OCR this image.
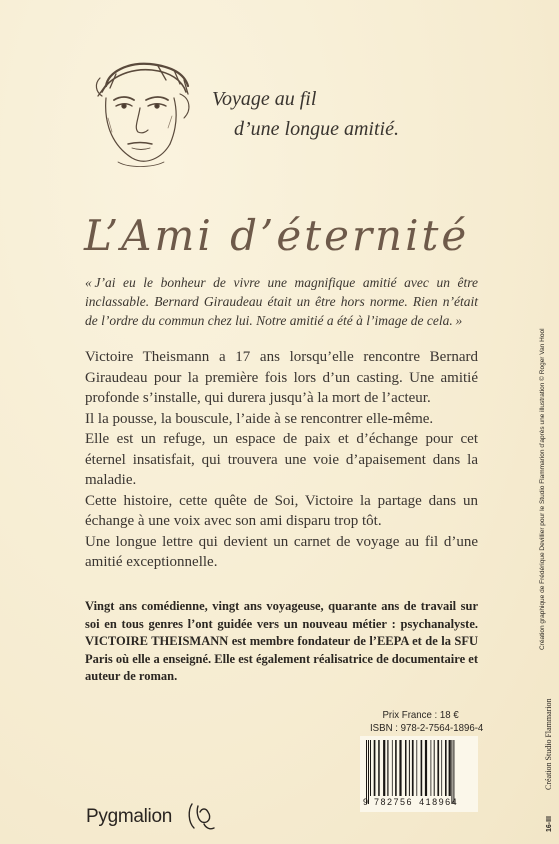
Voyage au fil
d’une longue amitié.
L’Ami d’éternité
« J’ai eu le bonheur de vivre une magnifique amitié avec un être inclassable. Bernard Giraudeau était un être hors norme. Rien n’était de l’ordre du commun chez lui. Notre amitié a été à l’image de cela. »

Victoire Theismann a 17 ans lorsqu’elle rencontre Bernard Giraudeau pour la première fois lors d’un casting. Une amitié profonde s’installe, qui durera jusqu’à la mort de l’acteur.

Il la pousse, la bouscule, l’aide à se rencontrer elle-même.

Elle est un refuge, un espace de paix et d’échange pour cet éternel insatisfait, qui trouvera une voie d’apaisement dans la maladie.

Cette histoire, cette quête de Soi, Victoire la partage dans un échange à une voix avec son ami disparu trop tôt.

Une longue lettre qui devient un carnet de voyage au fil d’une amitié exceptionnelle.

Vingt ans comédienne, vingt ans voyageuse, quarante ans de travail sur soi en tous genres l’ont guidée vers un nouveau métier : psychanalyste. VICTOIRE THEISMANN est membre fondateur de l’EEPA et de la SFU Paris où elle a enseigné. Elle est également réalisatrice de documentaire et auteur de roman.
Prix France : 18 €
ISBN : 978-2-7564-1896-4
9 782756 418964
Pygmalion
Création graphique de Frédérique Devillier pour le Studio Flammarion d’après une illustration © Roger Van Hool
Création Studio Flammarion
16-III
